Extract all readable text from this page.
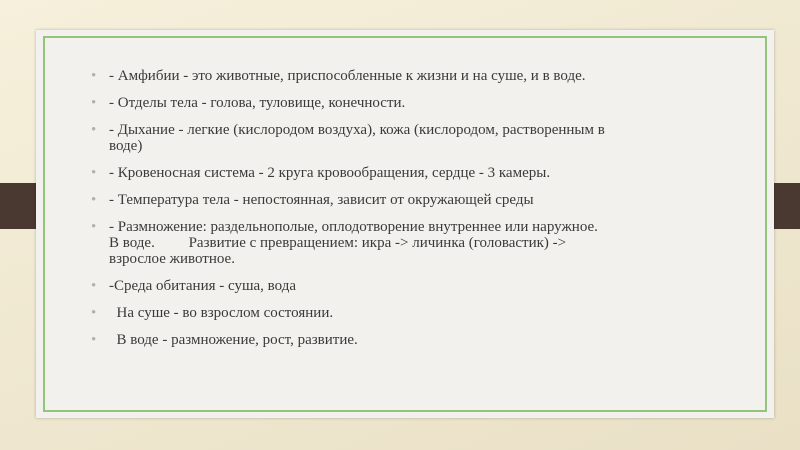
• - Амфибии - это животные, приспособленные к жизни и на суше, и в воде.
• - Отделы тела - голова, туловище, конечности.
• - Дыхание - легкие (кислородом воздуха), кожа (кислородом, растворенным в
воде)
• - Кровеносная система - 2 круга кровообращения, сердце - 3 камеры.
• - Температура тела - непостоянная, зависит от окружающей среды
• - Размножение: раздельнополые, оплодотворение внутреннее или наружное.
В воде.         Развитие с превращением: икра -> личинка (головастик) ->
взрослое животное.
• -Среда обитания - суша, вода
• На суше - во взрослом состоянии.
• В воде - размножение, рост, развитие.
